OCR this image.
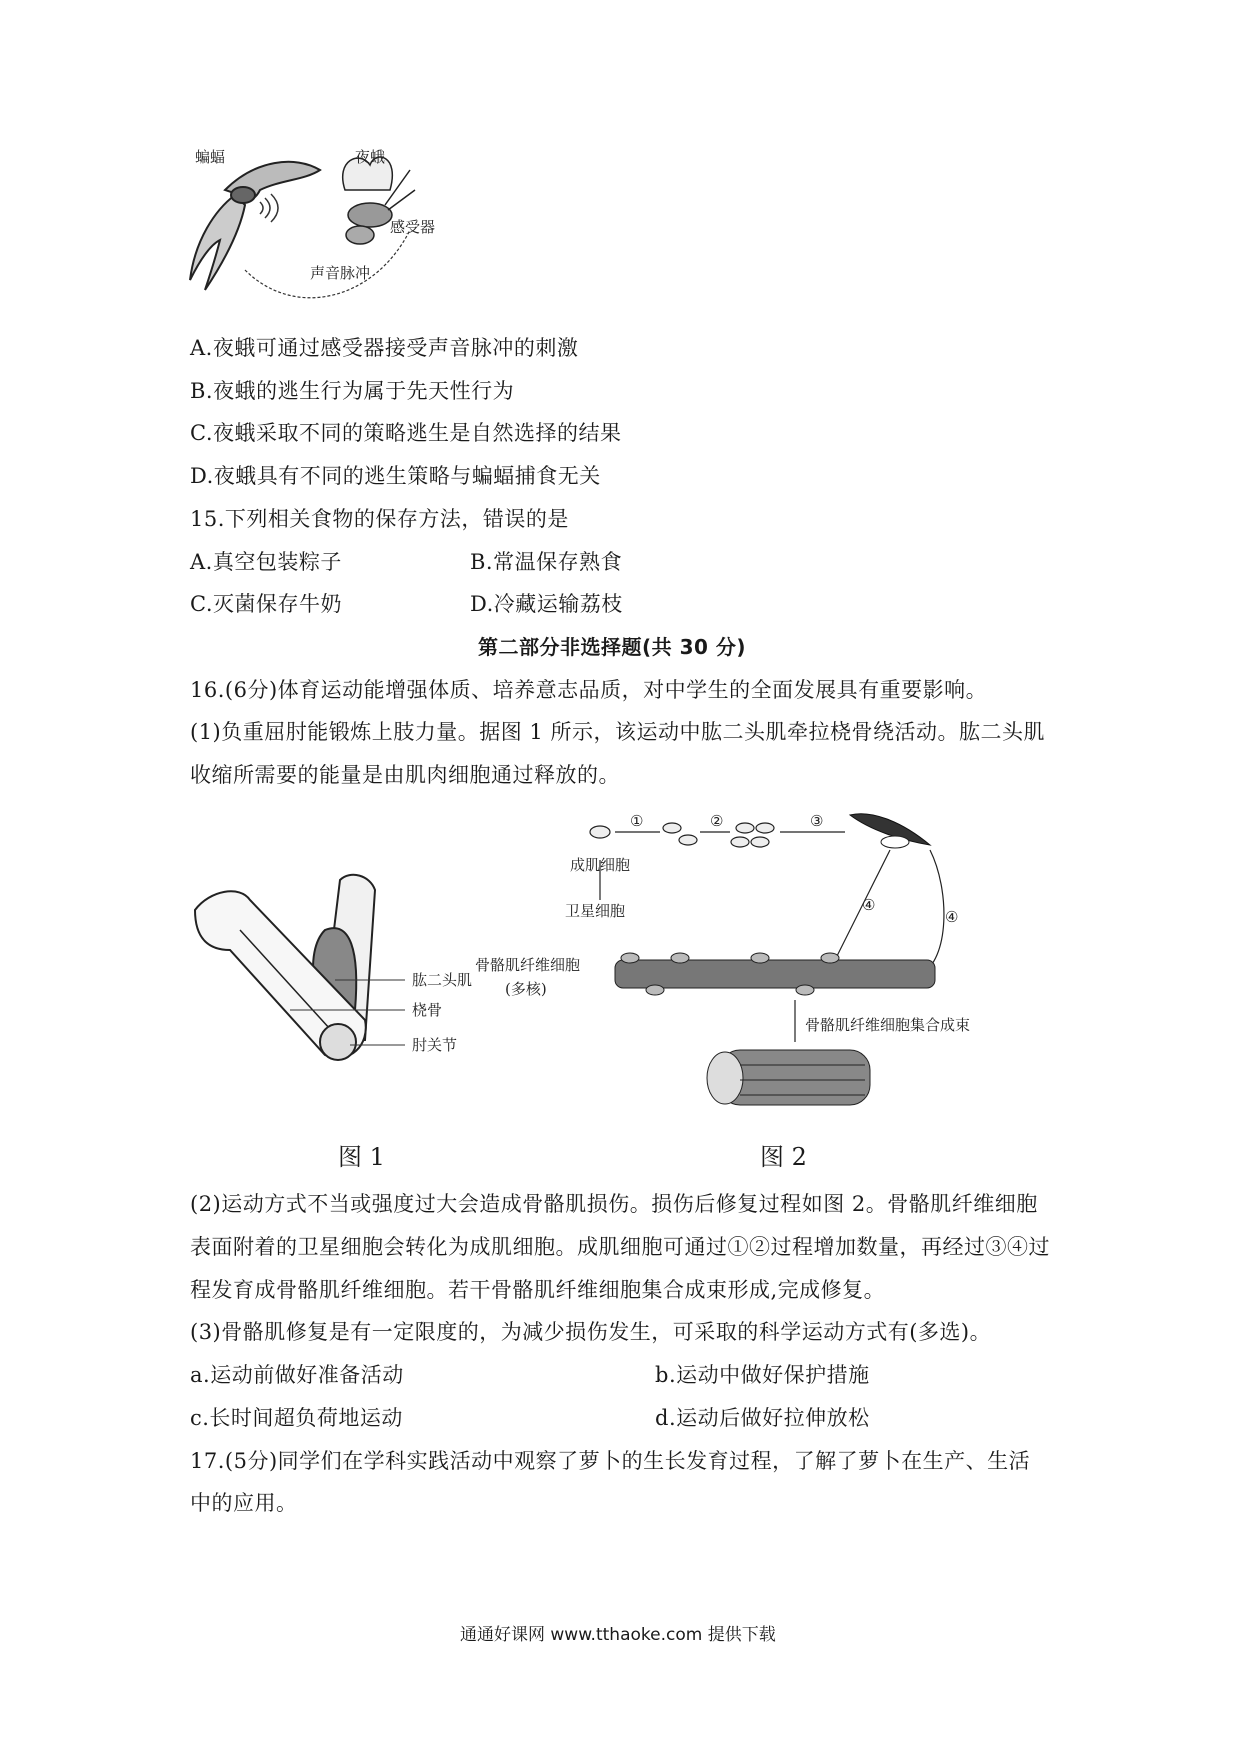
蝙蝠	夜蛾
感受器
声音脉冲
A.夜蛾可通过感受器接受声音脉冲的刺激
B.夜蛾的逃生行为属于先天性行为
C.夜蛾采取不同的策略逃生是自然选择的结果
D.夜蛾具有不同的逃生策略与蝙蝠捕食无关
15.下列相关食物的保存方法，错误的是
A.真空包装粽子	B.常温保存熟食
C.灭菌保存牛奶	D.冷藏运输荔枝
第二部分非选择题(共 30 分)
16.(6分)体育运动能增强体质、培养意志品质，对中学生的全面发展具有重要影响。
(1)负重屈肘能锻炼上肢力量。据图 1 所示，该运动中肱二头肌牵拉桡骨绕活动。肱二头肌
收缩所需要的能量是由肌肉细胞通过释放的。
肱二头肌
桡骨
肘关节
图 1
①	②	③
④
④
成肌细胞
卫星细胞
骨骼肌纤维细胞
(多核)
骨骼肌纤维细胞集合成束
图 2
(2)运动方式不当或强度过大会造成骨骼肌损伤。损伤后修复过程如图 2。骨骼肌纤维细胞
表面附着的卫星细胞会转化为成肌细胞。成肌细胞可通过①②过程增加数量，再经过③④过
程发育成骨骼肌纤维细胞。若干骨骼肌纤维细胞集合成束形成,完成修复。
(3)骨骼肌修复是有一定限度的，为减少损伤发生，可采取的科学运动方式有(多选)。
a.运动前做好准备活动	b.运动中做好保护措施
c.长时间超负荷地运动	d.运动后做好拉伸放松
17.(5分)同学们在学科实践活动中观察了萝卜的生长发育过程，了解了萝卜在生产、生活
中的应用。
通通好课网 www.tthaoke.com 提供下载
